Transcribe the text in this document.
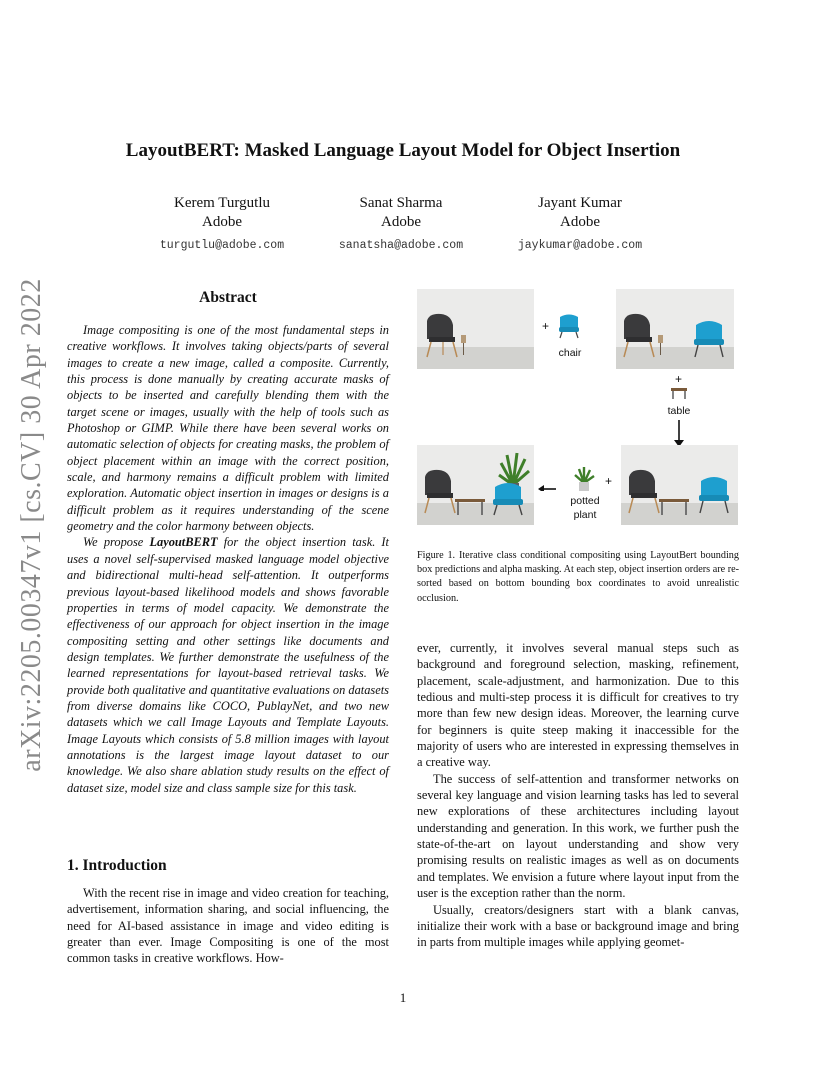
arXiv:2205.00347v1 [cs.CV] 30 Apr 2022
LayoutBERT: Masked Language Layout Model for Object Insertion
Kerem Turgutlu
Adobe
turgutlu@adobe.com
Sanat Sharma
Adobe
sanatsha@adobe.com
Jayant Kumar
Adobe
jaykumar@adobe.com
Abstract

Image compositing is one of the most fundamental steps in creative workflows. It involves taking objects/parts of several images to create a new image, called a composite. Currently, this process is done manually by creating accurate masks of objects to be inserted and carefully blending them with the target scene or images, usually with the help of tools such as Photoshop or GIMP. While there have been several works on automatic selection of objects for creating masks, the problem of object placement within an image with the correct position, scale, and harmony remains a difficult problem with limited exploration. Automatic object insertion in images or designs is a difficult problem as it requires understanding of the scene geometry and the color harmony between objects.

We propose LayoutBERT for the object insertion task. It uses a novel self-supervised masked language model objective and bidirectional multi-head self-attention. It outperforms previous layout-based likelihood models and shows favorable properties in terms of model capacity. We demonstrate the effectiveness of our approach for object insertion in the image compositing setting and other settings like documents and design templates. We further demonstrate the usefulness of the learned representations for layout-based retrieval tasks. We provide both qualitative and quantitative evaluations on datasets from diverse domains like COCO, PublayNet, and two new datasets which we call Image Layouts and Template Layouts. Image Layouts which consists of 5.8 million images with layout annotations is the largest image layout dataset to our knowledge. We also share ablation study results on the effect of dataset size, model size and class sample size for this task.

1. Introduction

With the recent rise in image and video creation for teaching, advertisement, information sharing, and social influencing, the need for AI-based assistance in image and video editing is greater than ever. Image Compositing is one of the most common tasks in creative workflows. How-

+
chair
+
table
+
potted
plant
Figure 1. Iterative class conditional compositing using LayoutBert bounding box predictions and alpha masking. At each step, object insertion orders are re-sorted based on bottom bounding box coordinates to avoid unrealistic occlusion.

ever, currently, it involves several manual steps such as background and foreground selection, masking, refinement, placement, scale-adjustment, and harmonization. Due to this tedious and multi-step process it is difficult for creatives to try more than few new design ideas. Moreover, the learning curve for beginners is quite steep making it inaccessible for the majority of users who are interested in expressing themselves in a creative way.

The success of self-attention and transformer networks on several key language and vision learning tasks has led to several new explorations of these architectures including layout understanding and generation. In this work, we further push the state-of-the-art on layout understanding and show very promising results on realistic images as well as on documents and templates. We envision a future where layout input from the user is the exception rather than the norm.

Usually, creators/designers start with a blank canvas, initialize their work with a base or background image and bring in parts from multiple images while applying geomet-

1
